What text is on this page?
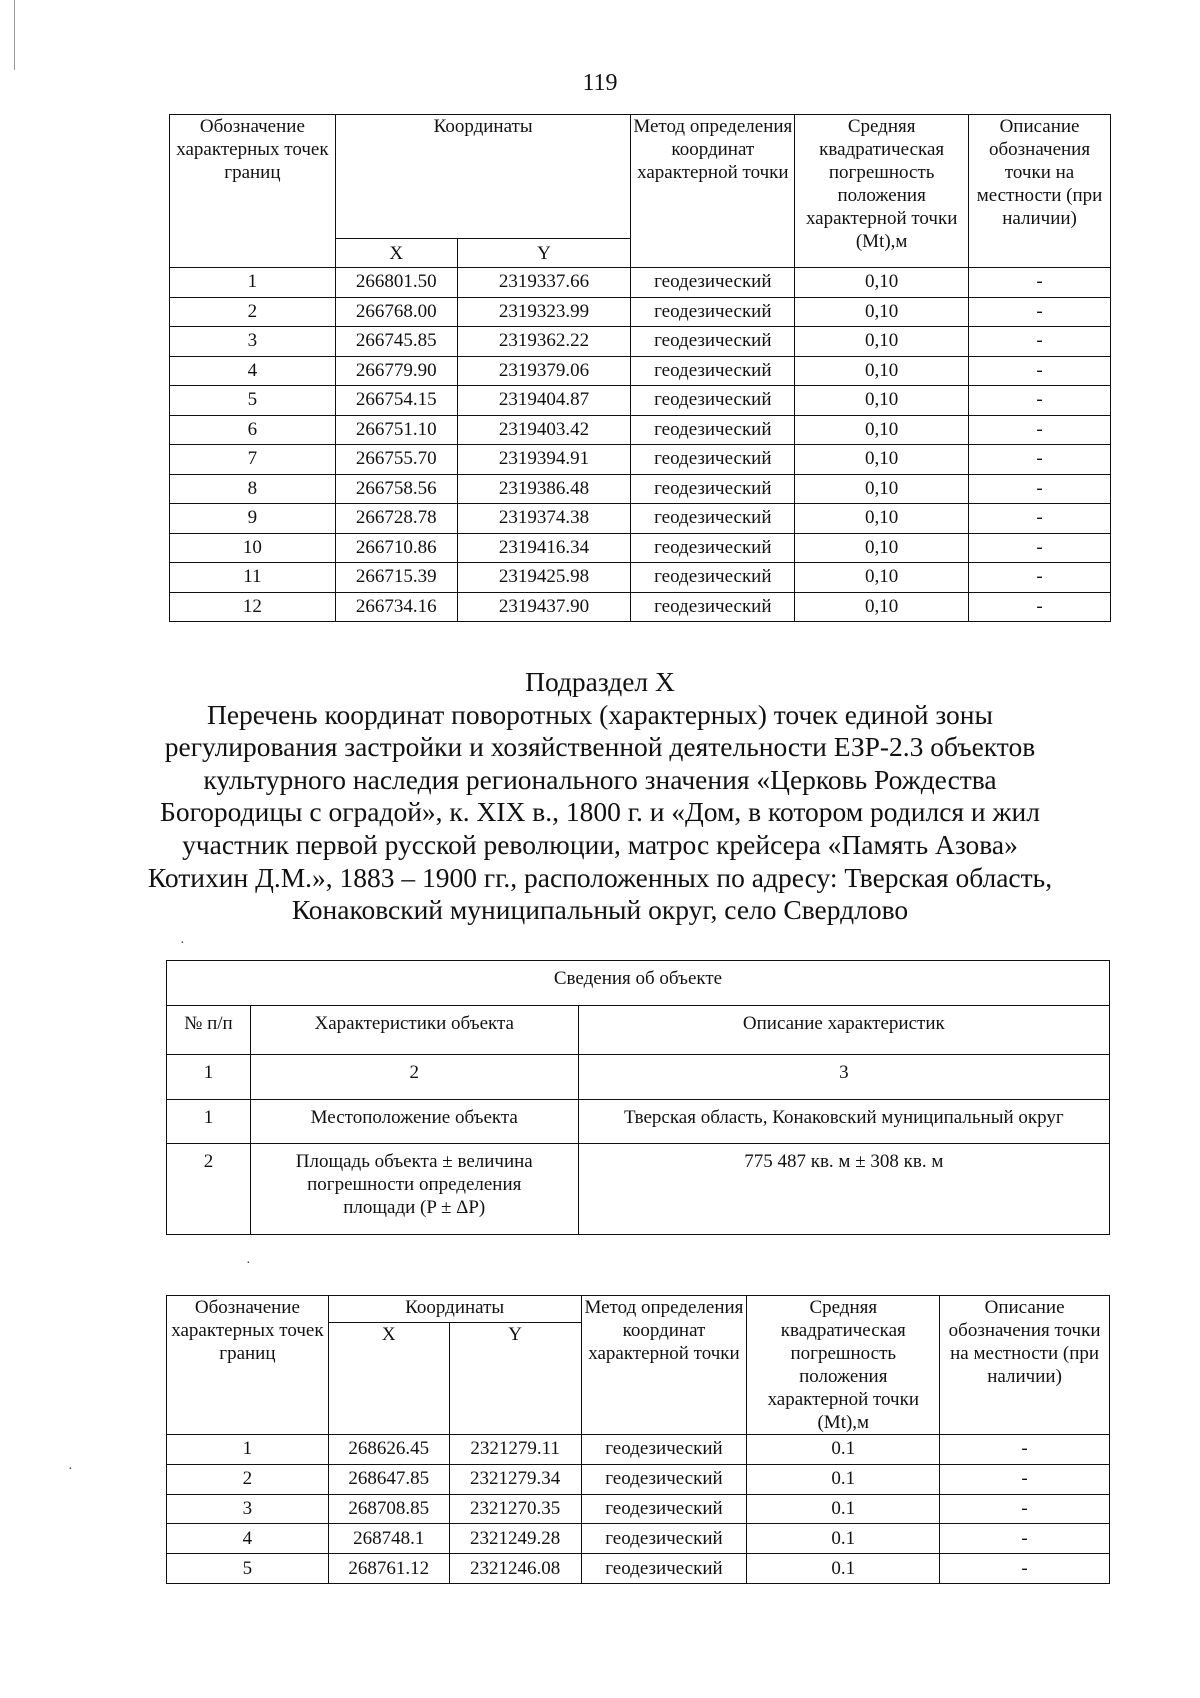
119
Обозначение характерных точек границ	Координаты		Метод определения координат характерной точки	Средняя квадратическая погрешность положения характерной точки (Mt),м	Описание обозначения точки на местности (при наличии)
	X	Y			
1	266801.50	2319337.66	геодезический	0,10	-
2	266768.00	2319323.99	геодезический	0,10	-
3	266745.85	2319362.22	геодезический	0,10	-
4	266779.90	2319379.06	геодезический	0,10	-
5	266754.15	2319404.87	геодезический	0,10	-
6	266751.10	2319403.42	геодезический	0,10	-
7	266755.70	2319394.91	геодезический	0,10	-
8	266758.56	2319386.48	геодезический	0,10	-
9	266728.78	2319374.38	геодезический	0,10	-
10	266710.86	2319416.34	геодезический	0,10	-
11	266715.39	2319425.98	геодезический	0,10	-
12	266734.16	2319437.90	геодезический	0,10	-

Подраздел X

Перечень координат поворотных (характерных) точек единой зоны

регулирования застройки и хозяйственной деятельности ЕЗР-2.3 объектов

культурного наследия регионального значения «Церковь Рождества

Богородицы с оградой», к. XIX в., 1800 г. и «Дом, в котором родился и жил

участник первой русской революции, матрос крейсера «Память Азова»

Котихин Д.М.», 1883 – 1900 гг., расположенных по адресу: Тверская область,

Конаковский муниципальный округ, село Свердлово

Сведения об объекте		
№ п/п	Характеристики объекта	Описание характеристик
1	2	3
1	Местоположение объекта	Тверская область, Конаковский муниципальный округ
2	Площадь объекта ± величина погрешности определения площади (P ± ΔP)	775 487 кв. м ± 308 кв. м
Обозначение характерных точек границ	Координаты		Метод определения координат характерной точки	Средняя квадратическая погрешность положения характерной точки (Mt),м	Описание обозначения точки на местности (при наличии)
	X	Y			
1	268626.45	2321279.11	геодезический	0.1	-
2	268647.85	2321279.34	геодезический	0.1	-
3	268708.85	2321270.35	геодезический	0.1	-
4	268748.1	2321249.28	геодезический	0.1	-
5	268761.12	2321246.08	геодезический	0.1	-
·
·
·
